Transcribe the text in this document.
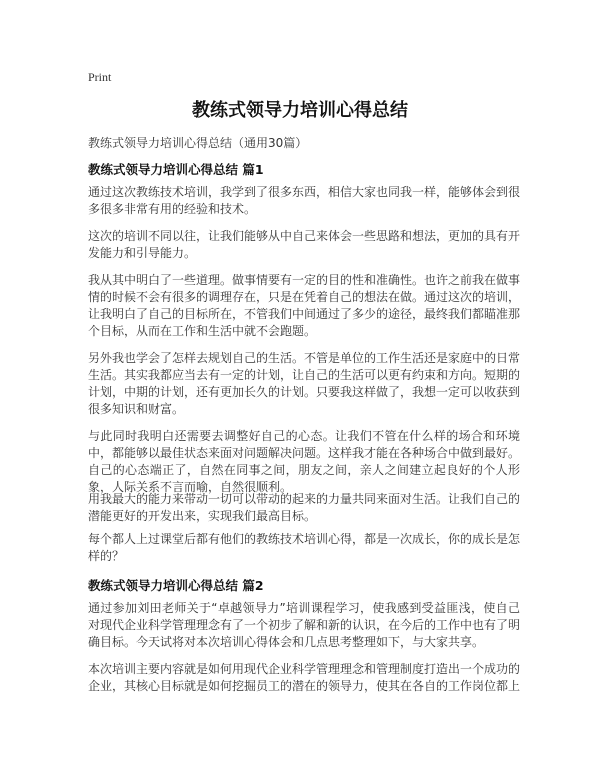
Print
教练式领导力培训心得总结
教练式领导力培训心得总结（通用30篇）
教练式领导力培训心得总结 篇1
通过这次教练技术培训，我学到了很多东西，相信大家也同我一样，能够体会到很多很多非常有用的经验和技术。
这次的培训不同以往，让我们能够从中自己来体会一些思路和想法，更加的具有开发能力和引导能力。
我从其中明白了一些道理。做事情要有一定的目的性和准确性。也许之前我在做事情的时候不会有很多的调理存在，只是在凭着自己的想法在做。通过这次的培训，让我明白了自己的目标所在，不管我们中间通过了多少的途径，最终我们都瞄准那个目标，从而在工作和生活中就不会跑题。
另外我也学会了怎样去规划自己的生活。不管是单位的工作生活还是家庭中的日常生活。其实我都应当去有一定的计划，让自己的生活可以更有约束和方向。短期的计划，中期的计划，还有更加长久的计划。只要我这样做了，我想一定可以收获到很多知识和财富。
与此同时我明白还需要去调整好自己的心态。让我们不管在什么样的场合和环境中，都能够以最佳状态来面对问题解决问题。这样我才能在各种场合中做到最好。自己的心态端正了，自然在同事之间，朋友之间，亲人之间建立起良好的个人形象，人际关系不言而喻，自然很顺利。
用我最大的能力来带动一切可以带动的起来的力量共同来面对生活。让我们自己的潜能更好的开发出来，实现我们最高目标。
每个都人上过课堂后都有他们的教练技术培训心得，都是一次成长，你的成长是怎样的？
教练式领导力培训心得总结 篇2
通过参加刘田老师关于“卓越领导力”培训课程学习，使我感到受益匪浅，使自己对现代企业科学管理理念有了一个初步了解和新的认识，在今后的工作中也有了明确目标。今天试将对本次培训心得体会和几点思考整理如下，与大家共享。
本次培训主要内容就是如何用现代企业科学管理理念和管理制度打造出一个成功的企业，其核心目标就是如何挖掘员工的潜在的领导力，使其在各自的工作岗位都上
